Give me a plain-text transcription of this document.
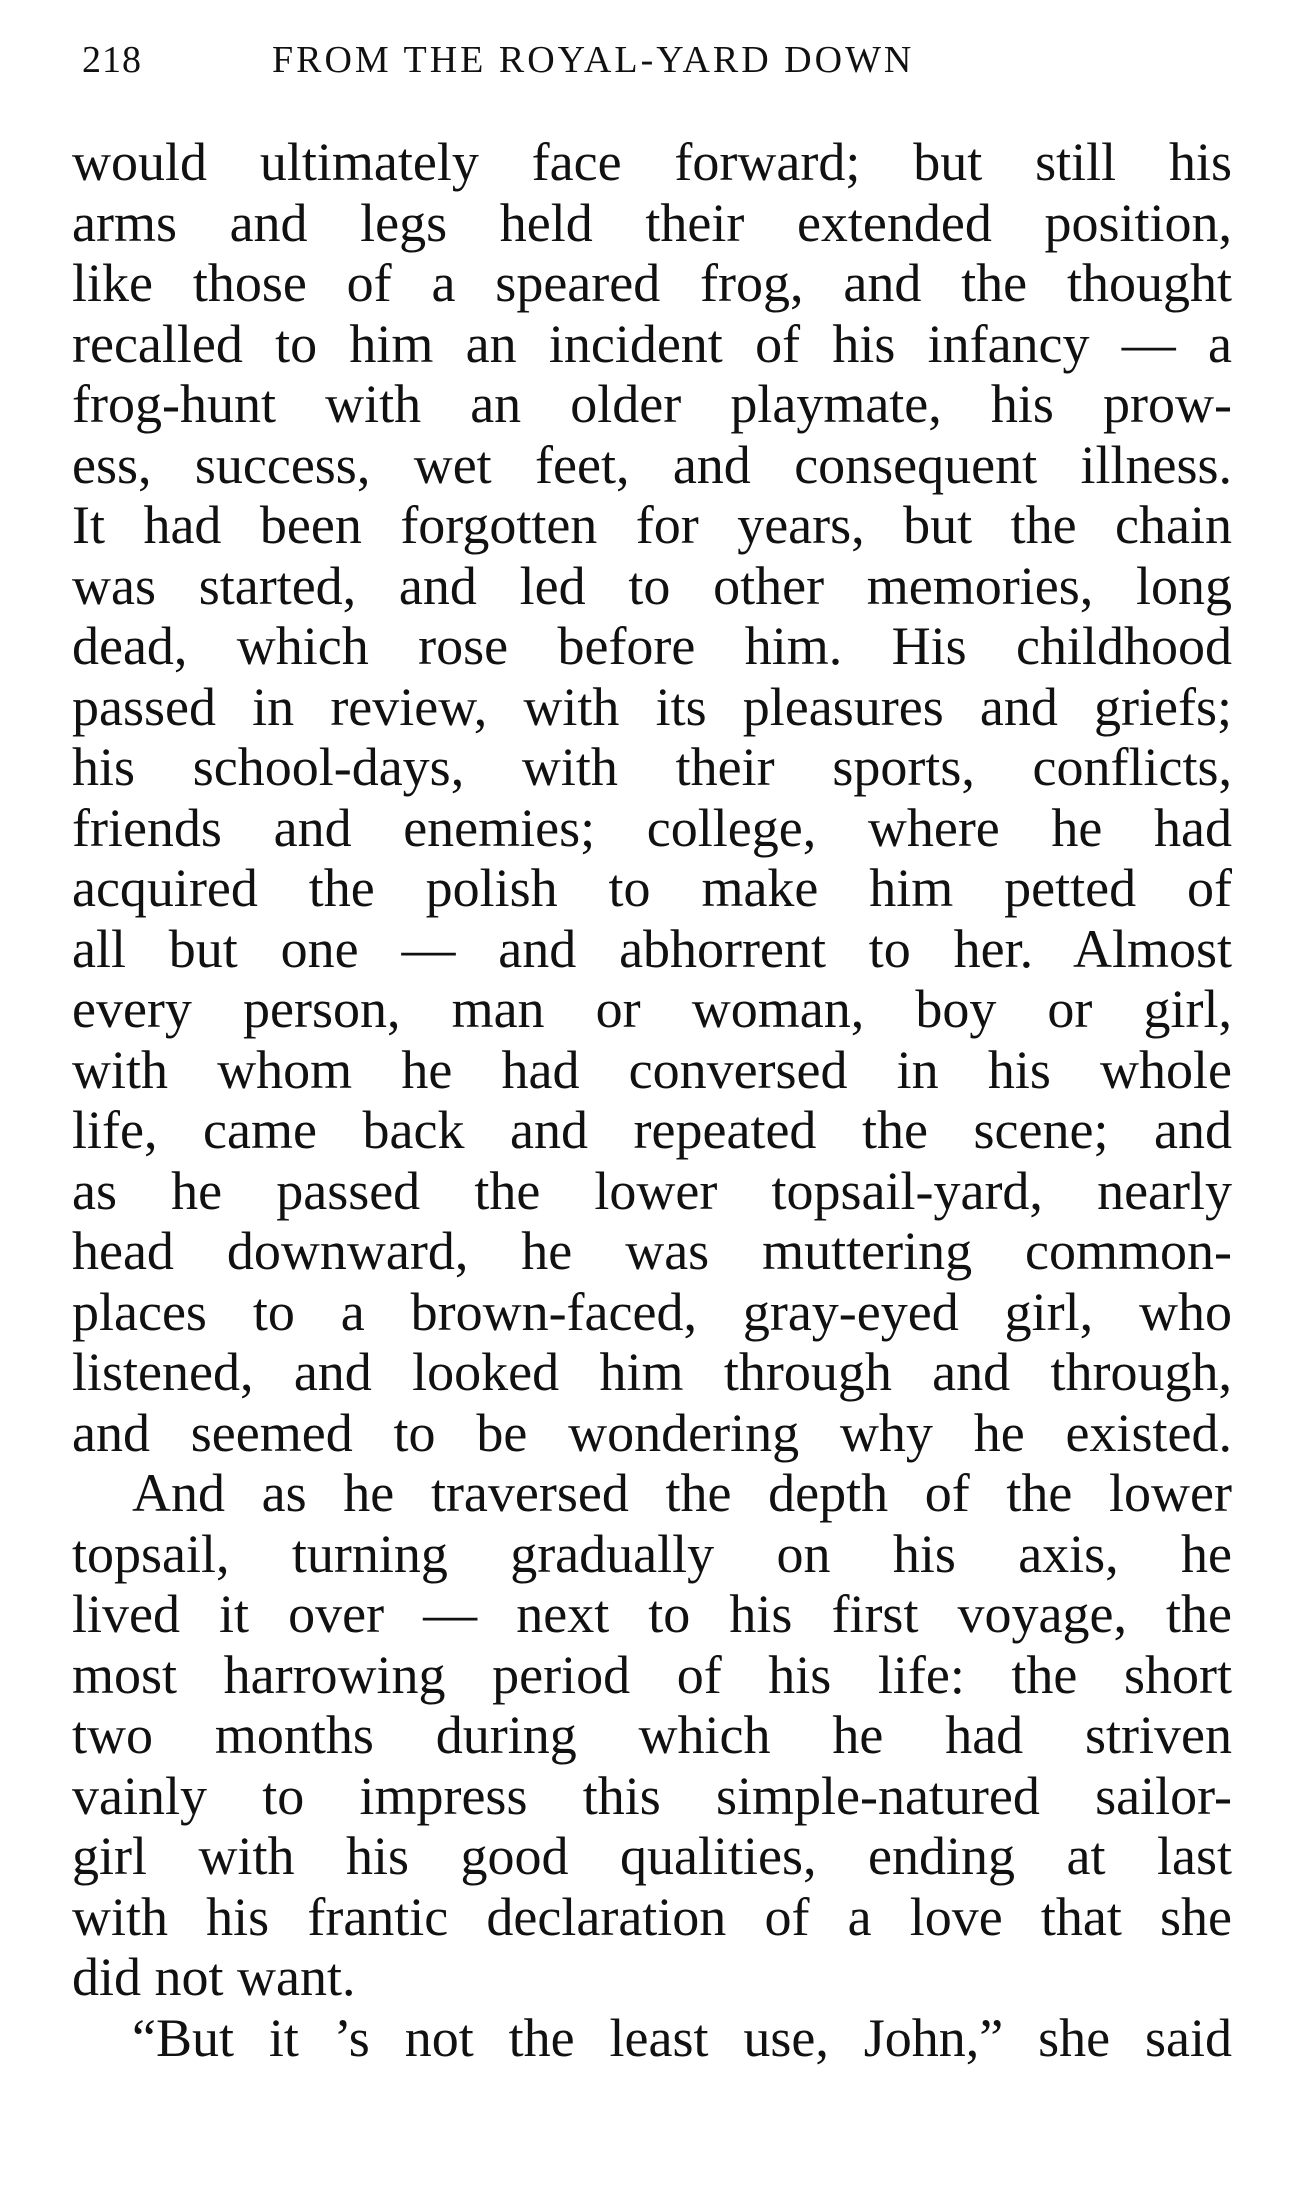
218	FROM THE ROYAL-YARD DOWN
would ultimately face forward; but still his
arms and legs held their extended position,
like those of a speared frog, and the thought
recalled to him an incident of his infancy — a
frog-hunt with an older playmate, his prow-
ess, success, wet feet, and consequent illness.
It had been forgotten for years, but the chain
was started, and led to other memories, long
dead, which rose before him. His childhood
passed in review, with its pleasures and griefs;
his school-days, with their sports, conflicts,
friends and enemies; college, where he had
acquired the polish to make him petted of
all but one — and abhorrent to her. Almost
every person, man or woman, boy or girl,
with whom he had conversed in his whole
life, came back and repeated the scene; and
as he passed the lower topsail-yard, nearly
head downward, he was muttering common-
places to a brown-faced, gray-eyed girl, who
listened, and looked him through and through,
and seemed to be wondering why he existed.
And as he traversed the depth of the lower
topsail, turning gradually on his axis, he
lived it over — next to his first voyage, the
most harrowing period of his life: the short
two months during which he had striven
vainly to impress this simple-natured sailor-
girl with his good qualities, ending at last
with his frantic declaration of a love that she
did not want.
“But it ’s not the least use, John,” she said
